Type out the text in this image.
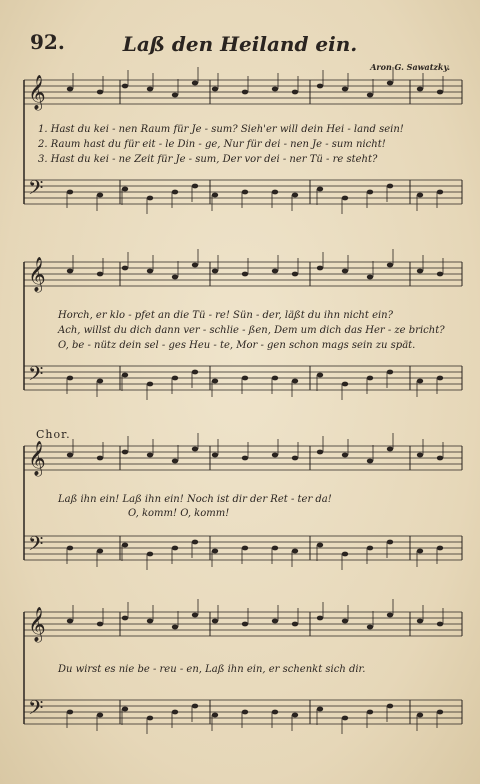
92.	Laß den Heiland ein.
Aron G. Sawatzky.
𝄞
𝄢
𝄞
𝄢
𝄞
𝄢
𝄞
𝄢
1. Hast du kei - nen Raum für Je - sum? Sieh'er will dein Hei - land sein!
2. Raum hast du für eit - le Din - ge, Nur für dei - nen Je - sum nicht!
3. Hast du kei - ne Zeit für Je - sum, Der vor dei - ner Tü - re steht?
Horch, er klo - pfet an die Tü - re! Sün - der, läßt du ihn nicht ein?
Ach, willst du dich dann ver - schlie - ßen, Dem um dich das Her - ze bricht?
O, be - nütz dein sel - ges Heu - te, Mor - gen schon mags sein zu spät.
Chor.
Laß ihn ein! Laß ihn ein! Noch ist dir der Ret - ter da!
O, komm! O, komm!
Du wirst es nie be - reu - en, Laß ihn ein, er schenkt sich dir.
